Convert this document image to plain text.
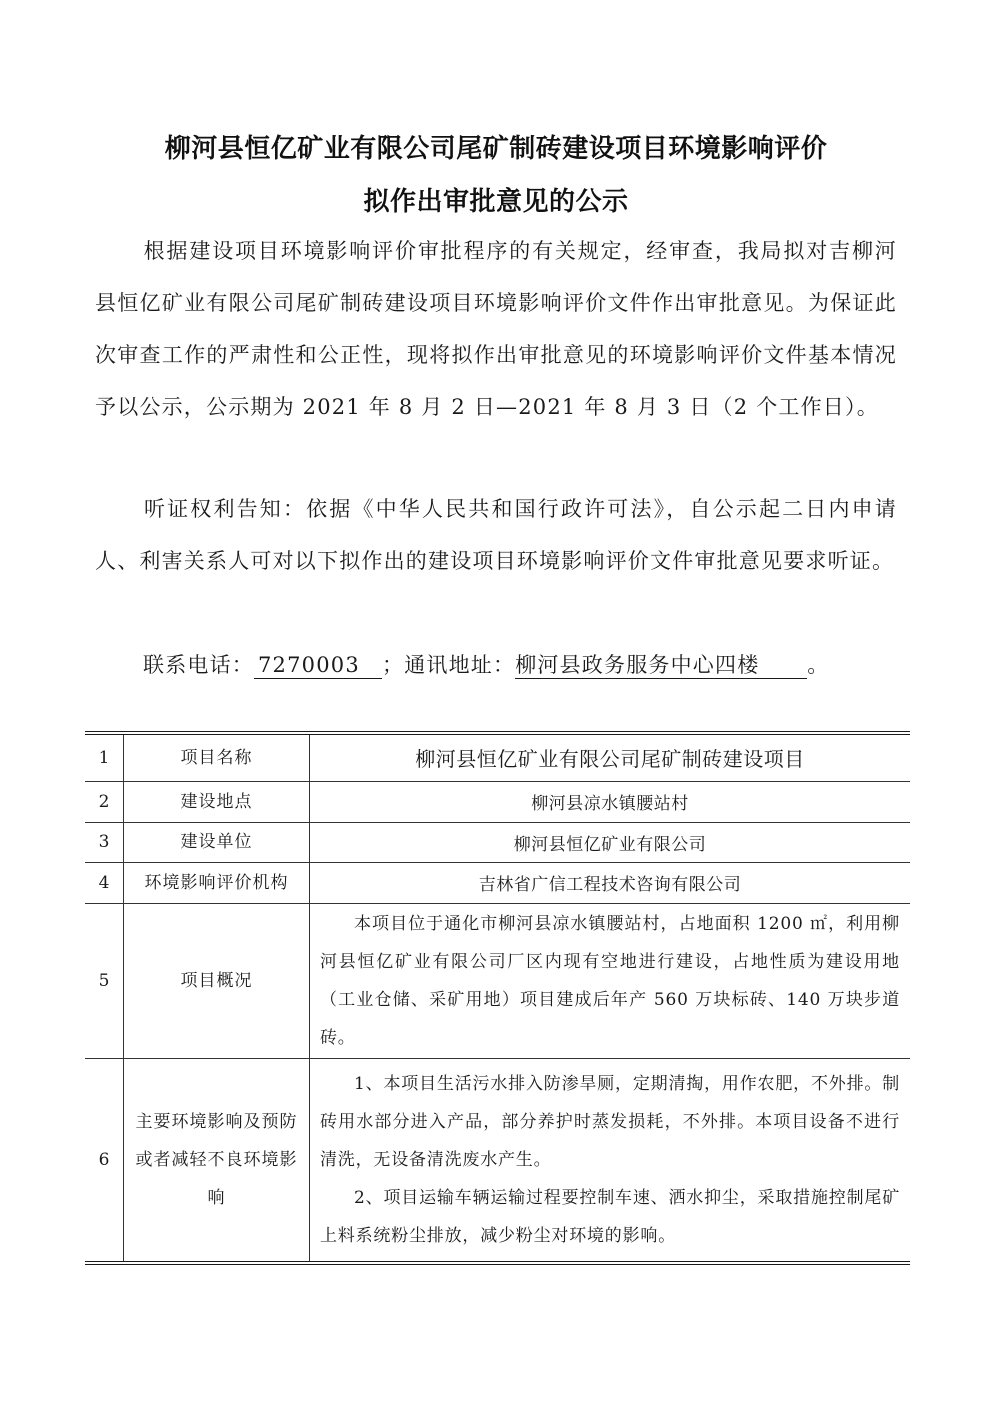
柳河县恒亿矿业有限公司尾矿制砖建设项目环境影响评价
拟作出审批意见的公示

根据建设项目环境影响评价审批程序的有关规定，经审查，我局拟对吉柳河县恒亿矿业有限公司尾矿制砖建设项目环境影响评价文件作出审批意见。为保证此次审查工作的严肃性和公正性，现将拟作出审批意见的环境影响评价文件基本情况予以公示，公示期为 2021 年 8 月 2 日—2021 年 8 月 3 日（2 个工作日）。

听证权利告知：依据《中华人民共和国行政许可法》，自公示起二日内申请人、利害关系人可对以下拟作出的建设项目环境影响评价文件审批意见要求听证。

联系电话： 7270003 ；通讯地址：柳河县政务服务中心四楼 。

1	项目名称	柳河县恒亿矿业有限公司尾矿制砖建设项目
2	建设地点	柳河县凉水镇腰站村
3	建设单位	柳河县恒亿矿业有限公司
4	环境影响评价机构	吉林省广信工程技术咨询有限公司
5	项目概况	本项目位于通化市柳河县凉水镇腰站村，占地面积 1200 ㎡，利用柳河县恒亿矿业有限公司厂区内现有空地进行建设，占地性质为建设用地（工业仓储、采矿用地）项目建成后年产 560 万块标砖、140 万块步道砖。

6	主要环境影响及预防或者减轻不良环境影响	1、本项目生活污水排入防渗旱厕，定期清掏，用作农肥，不外排。制砖用水部分进入产品，部分养护时蒸发损耗，不外排。本项目设备不进行清洗，无设备清洗废水产生。

2、项目运输车辆运输过程要控制车速、洒水抑尘，采取措施控制尾矿上料系统粉尘排放，减少粉尘对环境的影响。
